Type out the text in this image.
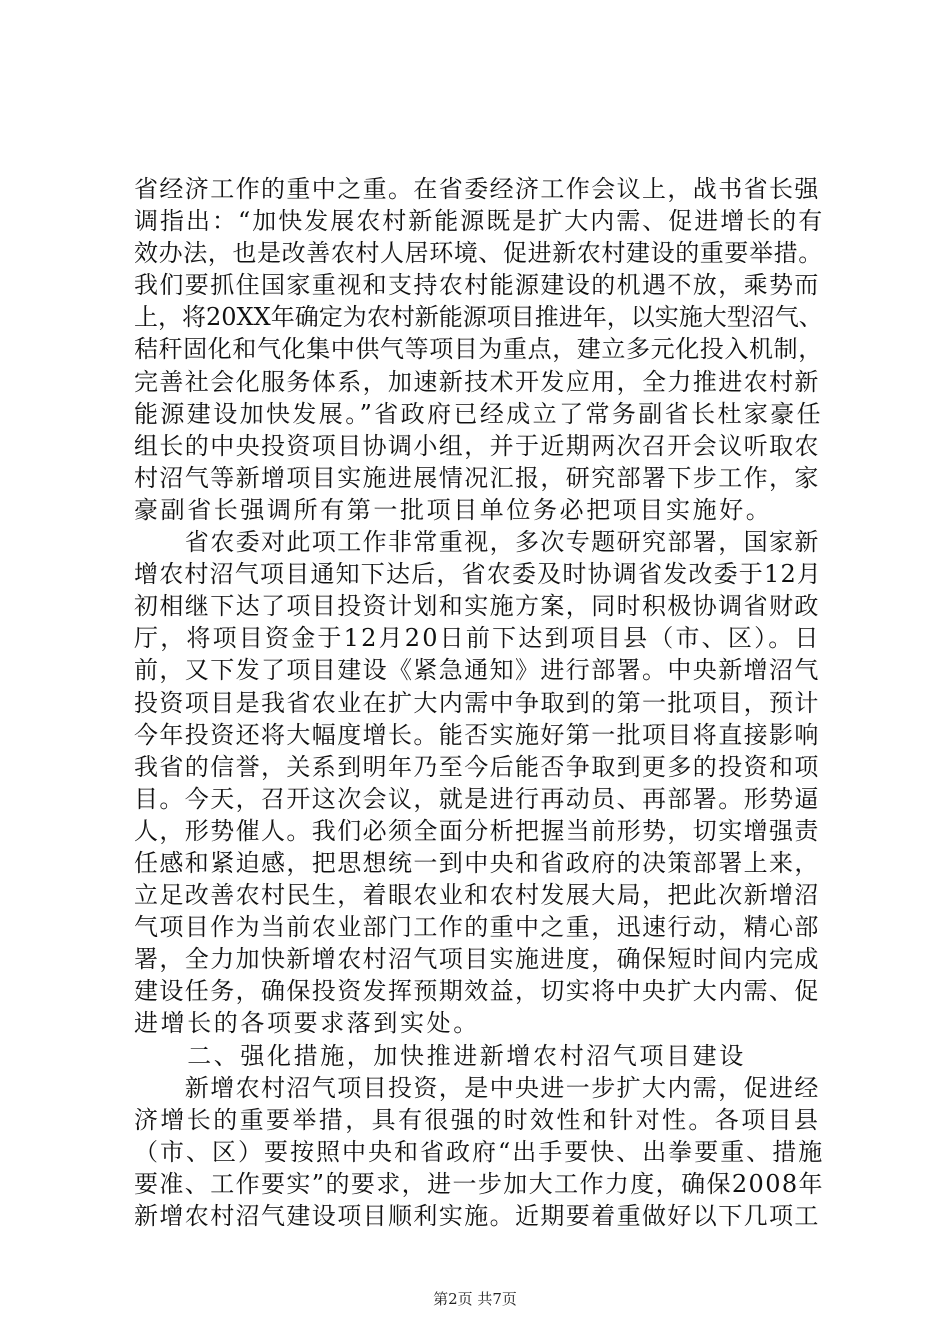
省经济工作的重中之重。在省委经济工作会议上，战书省长强
调指出：“加快发展农村新能源既是扩大内需、促进增长的有
效办法，也是改善农村人居环境、促进新农村建设的重要举措。
我们要抓住国家重视和支持农村能源建设的机遇不放，乘势而
上，将20XX年确定为农村新能源项目推进年，以实施大型沼气、
秸秆固化和气化集中供气等项目为重点，建立多元化投入机制，
完善社会化服务体系，加速新技术开发应用，全力推进农村新
能源建设加快发展。”省政府已经成立了常务副省长杜家豪任
组长的中央投资项目协调小组，并于近期两次召开会议听取农
村沼气等新增项目实施进展情况汇报，研究部署下步工作，家
豪副省长强调所有第一批项目单位务必把项目实施好。
　　省农委对此项工作非常重视，多次专题研究部署，国家新
增农村沼气项目通知下达后，省农委及时协调省发改委于12月
初相继下达了项目投资计划和实施方案，同时积极协调省财政
厅，将项目资金于12月20日前下达到项目县（市、区）。日
前，又下发了项目建设《紧急通知》进行部署。中央新增沼气
投资项目是我省农业在扩大内需中争取到的第一批项目，预计
今年投资还将大幅度增长。能否实施好第一批项目将直接影响
我省的信誉，关系到明年乃至今后能否争取到更多的投资和项
目。今天，召开这次会议，就是进行再动员、再部署。形势逼
人，形势催人。我们必须全面分析把握当前形势，切实增强责
任感和紧迫感，把思想统一到中央和省政府的决策部署上来，
立足改善农村民生，着眼农业和农村发展大局，把此次新增沼
气项目作为当前农业部门工作的重中之重，迅速行动，精心部
署，全力加快新增农村沼气项目实施进度，确保短时间内完成
建设任务，确保投资发挥预期效益，切实将中央扩大内需、促
进增长的各项要求落到实处。
　　二、强化措施，加快推进新增农村沼气项目建设
　　新增农村沼气项目投资，是中央进一步扩大内需，促进经
济增长的重要举措，具有很强的时效性和针对性。各项目县
（市、区）要按照中央和省政府“出手要快、出拳要重、措施
要准、工作要实”的要求，进一步加大工作力度，确保2008年
新增农村沼气建设项目顺利实施。近期要着重做好以下几项工
第2页 共7页
